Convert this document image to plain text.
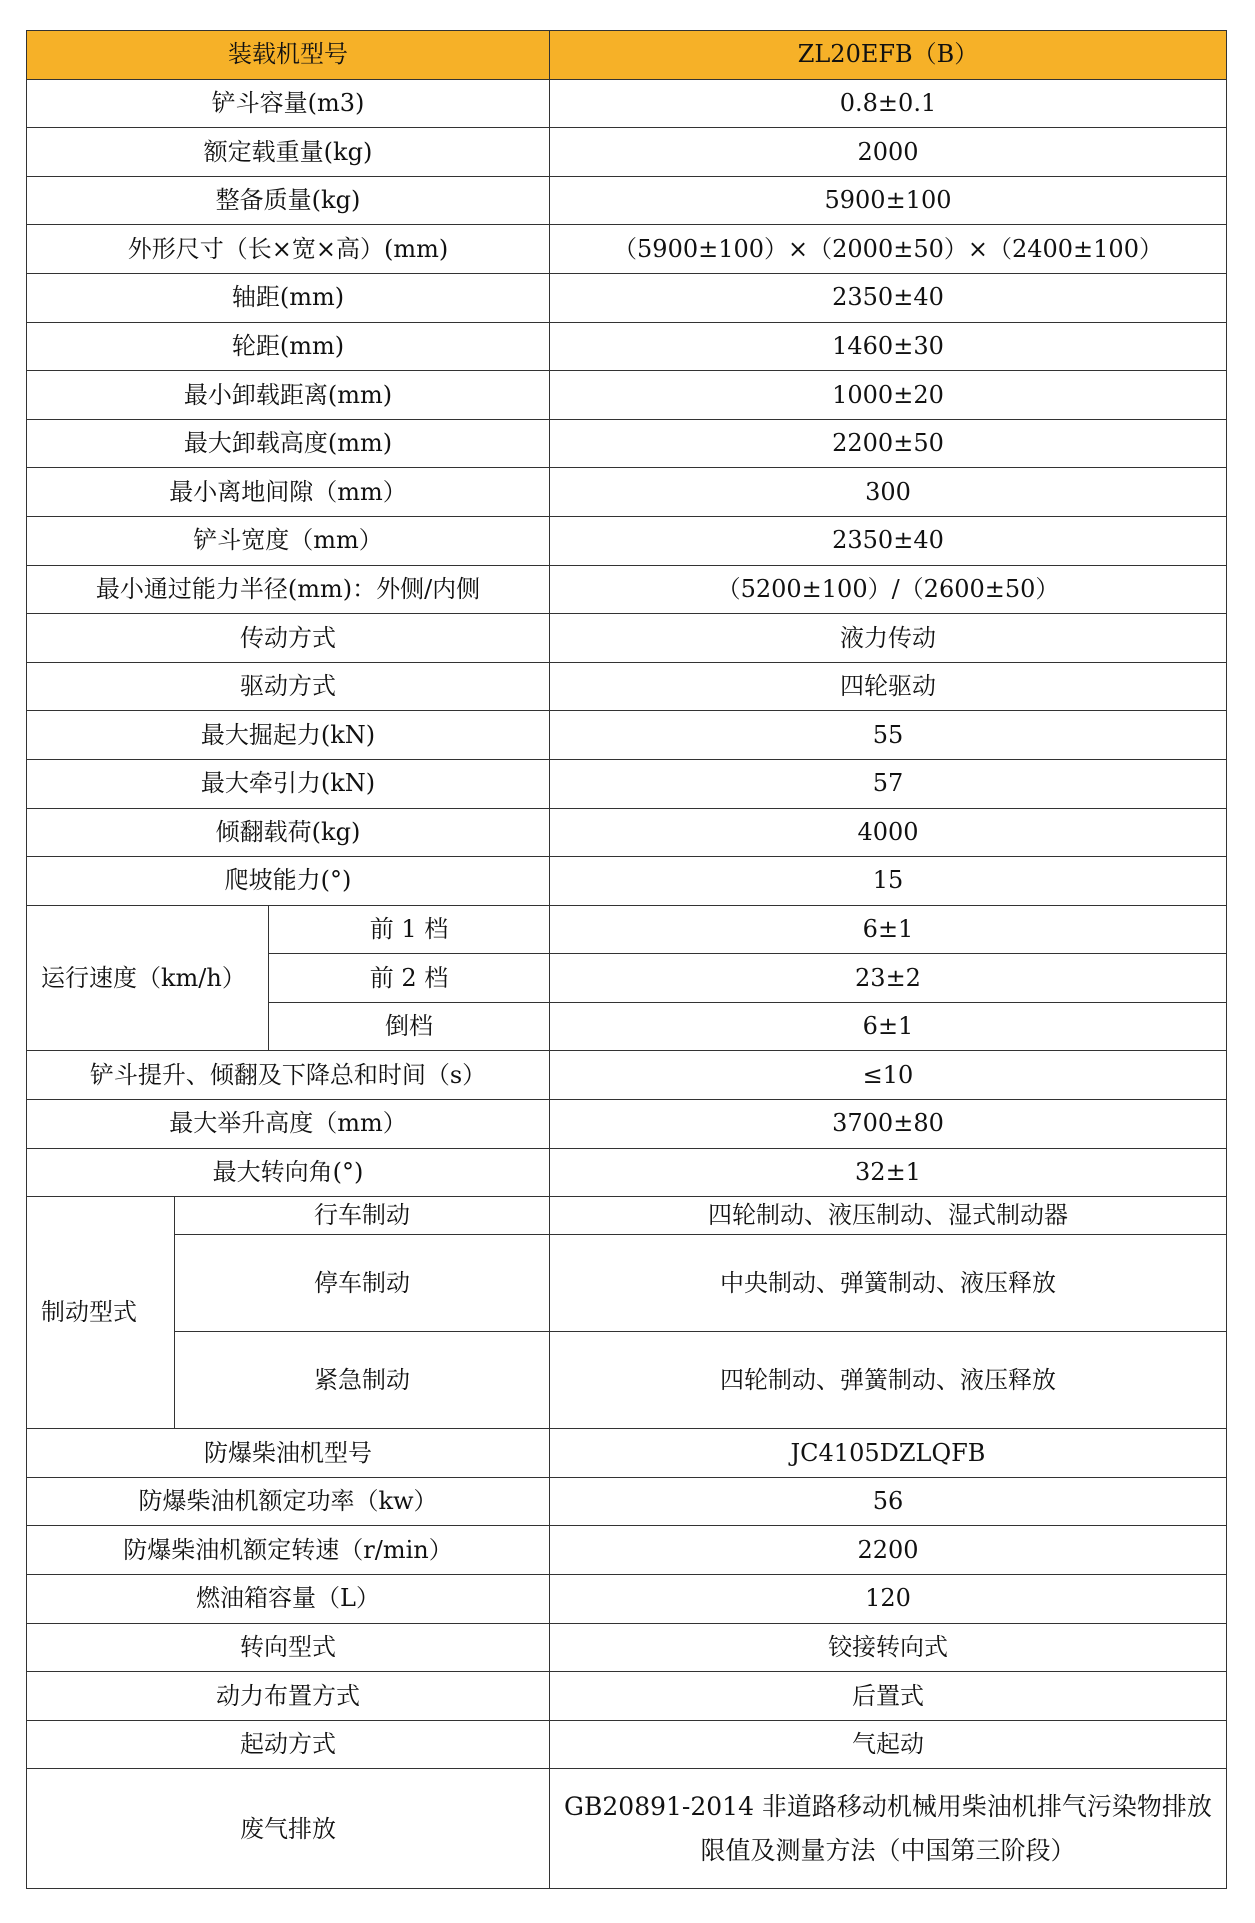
装载机型号			ZL20EFB（B）
铲斗容量(m3)			0.8±0.1
额定载重量(kg)			2000
整备质量(kg)			5900±100
外形尺寸（长×宽×高）(mm)			（5900±100）×（2000±50）×（2400±100）
轴距(mm)			2350±40
轮距(mm)			1460±30
最小卸载距离(mm)			1000±20
最大卸载高度(mm)			2200±50
最小离地间隙（mm）			300
铲斗宽度（mm）			2350±40
最小通过能力半径(mm)：外侧/内侧			（5200±100）/（2600±50）
传动方式			液力传动
驱动方式			四轮驱动
最大掘起力(kN)			55
最大牵引力(kN)			57
倾翻载荷(kg)			4000
爬坡能力(°)			15
运行速度（km/h）		前 1 档	6±1
		前 2 档	23±2
		倒档	6±1
铲斗提升、倾翻及下降总和时间（s）			≤10
最大举升高度（mm）			3700±80
最大转向角(°)			32±1
制动型式	行车制动		四轮制动、液压制动、湿式制动器
	停车制动		中央制动、弹簧制动、液压释放
	紧急制动		四轮制动、弹簧制动、液压释放
防爆柴油机型号			JC4105DZLQFB
防爆柴油机额定功率（kw）			56
防爆柴油机额定转速（r/min）			2200
燃油箱容量（L）			120
转向型式			铰接转向式
动力布置方式			后置式
起动方式			气起动
废气排放			GB20891-2014 非道路移动机械用柴油机排气污染物排放限值及测量方法（中国第三阶段）
